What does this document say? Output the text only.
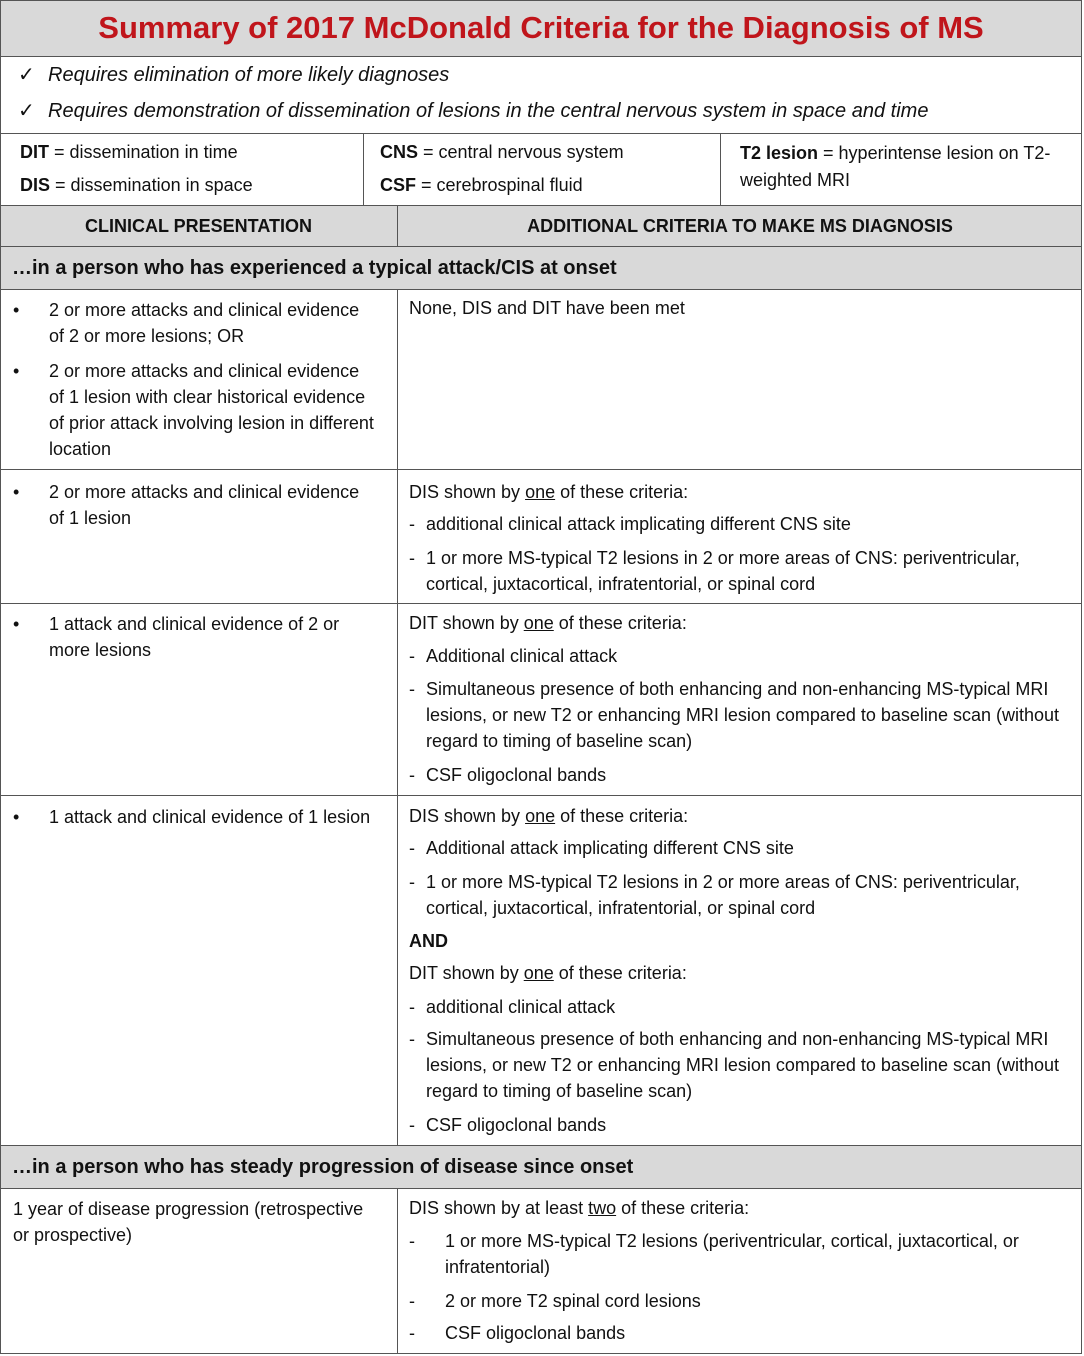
Summary of 2017 McDonald Criteria for the Diagnosis of MS
✓ Requires elimination of more likely diagnoses
✓ Requires demonstration of dissemination of lesions in the central nervous system in space and time
DIT = dissemination in time
DIS = dissemination in space
CNS = central nervous system
CSF = cerebrospinal fluid
T2 lesion = hyperintense lesion on T2-weighted MRI
CLINICAL PRESENTATION	ADDITIONAL CRITERIA TO MAKE MS DIAGNOSIS
…in a person who has experienced a typical attack/CIS at onset
• 2 or more attacks and clinical evidence of 2 or more lesions; OR
• 2 or more attacks and clinical evidence of 1 lesion with clear historical evidence of prior attack involving lesion in different location
None, DIS and DIT have been met
• 2 or more attacks and clinical evidence of 1 lesion
DIS shown by one of these criteria:
- additional clinical attack implicating different CNS site
- 1 or more MS-typical T2 lesions in 2 or more areas of CNS: periventricular, cortical, juxtacortical, infratentorial, or spinal cord
• 1 attack and clinical evidence of 2 or more lesions
DIT shown by one of these criteria:
- Additional clinical attack
- Simultaneous presence of both enhancing and non-enhancing MS-typical MRI lesions, or new T2 or enhancing MRI lesion compared to baseline scan (without regard to timing of baseline scan)
- CSF oligoclonal bands
• 1 attack and clinical evidence of 1 lesion	DIS shown by one of these criteria:
- Additional attack implicating different CNS site
- 1 or more MS-typical T2 lesions in 2 or more areas of CNS: periventricular, cortical, juxtacortical, infratentorial, or spinal cord
AND
DIT shown by one of these criteria:
- additional clinical attack
- Simultaneous presence of both enhancing and non-enhancing MS-typical MRI lesions, or new T2 or enhancing MRI lesion compared to baseline scan (without regard to timing of baseline scan)
- CSF oligoclonal bands
…in a person who has steady progression of disease since onset
1 year of disease progression (retrospective or prospective)
DIS shown by at least two of these criteria:
- 1 or more MS-typical T2 lesions (periventricular, cortical, juxtacortical, or infratentorial)
- 2 or more T2 spinal cord lesions
- CSF oligoclonal bands
